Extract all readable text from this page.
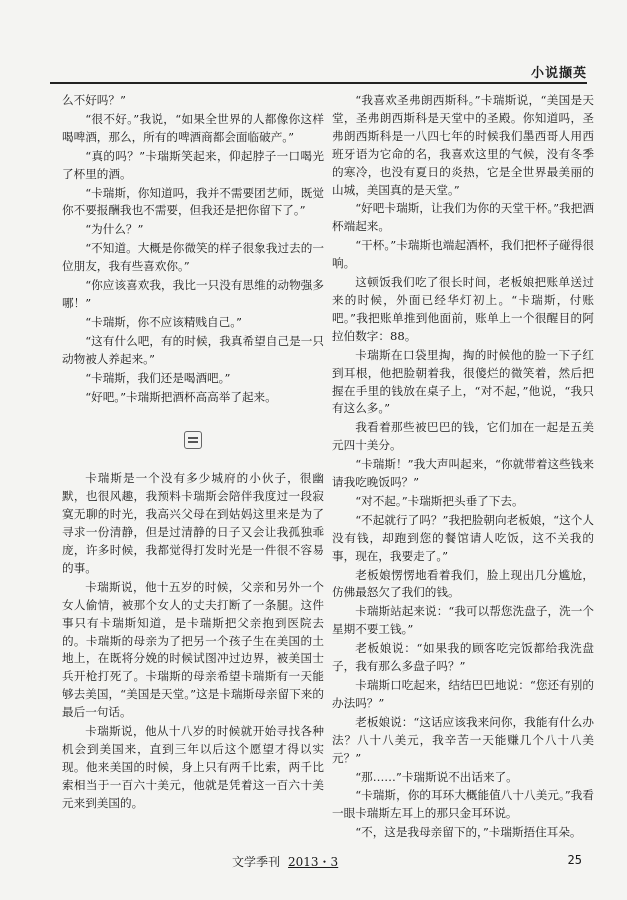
小说撷英

么不好吗？”

“很不好。”我说，“如果全世界的人都像你这样喝啤酒，那么，所有的啤酒商都会面临破产。”

“真的吗？”卡瑞斯笑起来，仰起脖子一口喝光了杯里的酒。

“卡瑞斯，你知道吗，我并不需要团艺师，既觉你不要报酬我也不需要，但我还是把你留下了。”

“为什么？”

“不知道。大概是你微笑的样子很象我过去的一位朋友，我有些喜欢你。”

“你应该喜欢我，我比一只没有思维的动物强多哪！”

“卡瑞斯，你不应该精贱自己。”

“这有什么吧，有的时候，我真希望自己是一只动物被人养起来。”

“卡瑞斯，我们还是喝酒吧。”

“好吧。”卡瑞斯把酒杯高高举了起来。

卡瑞斯是一个没有多少城府的小伙子，很幽默，也很风趣，我预料卡瑞斯会陪伴我度过一段寂寞无聊的时光，我高兴父母在到姑妈这里来是为了寻求一份清静，但是过清静的日子又会让我孤独乖庞，许多时候，我都觉得打发时光是一件很不容易的事。

卡瑞斯说，他十五岁的时候，父亲和另外一个女人偷情，被那个女人的丈夫打断了一条腿。这件事只有卡瑞斯知道，是卡瑞斯把父亲抱到医院去的。卡瑞斯的母亲为了把另一个孩子生在美国的土地上，在既将分娩的时候试图冲过边界，被美国士兵开枪打死了。卡瑞斯的母亲希望卡瑞斯有一天能够去美国，“美国是天堂。”这是卡瑞斯母亲留下来的最后一句话。

卡瑞斯说，他从十八岁的时候就开始寻找各种机会到美国来，直到三年以后这个愿望才得以实现。他来美国的时候，身上只有两千比索，两千比索相当于一百六十美元，他就是凭着这一百六十美元来到美国的。

“我喜欢圣弗朗西斯科。”卡瑞斯说，“美国是天堂，圣弗朗西斯科是天堂中的圣殿。你知道吗，圣弗朗西斯科是一八四七年的时候我们墨西哥人用西班牙语为它命的名，我喜欢这里的气候，没有冬季的寒冷，也没有夏日的炎热，它是全世界最美丽的山城，美国真的是天堂。”

“好吧卡瑞斯，让我们为你的天堂干杯。”我把酒杯端起来。

“干杯。”卡瑞斯也端起酒杯，我们把杯子碰得很响。

这顿饭我们吃了很长时间，老板娘把账单送过来的时候，外面已经华灯初上。“卡瑞斯，付账吧。”我把账单推到他面前，账单上一个很醒目的阿拉伯数字：88。

卡瑞斯在口袋里掏，掏的时候他的脸一下子红到耳根，他把脸朝着我，很傻烂的微笑着，然后把握在手里的钱放在桌子上，“对不起，”他说，“我只有这么多。”

我看着那些被巴巴的钱，它们加在一起是五美元四十美分。

“卡瑞斯！”我大声叫起来，“你就带着这些钱来请我吃晚饭吗？”

“对不起。”卡瑞斯把头垂了下去。

“不起就行了吗？”我把脸朝向老板娘，“这个人没有钱，却跑到您的餐馆请人吃饭，这不关我的事，现在，我要走了。”

老板娘愣愣地看着我们，脸上现出几分尴尬，仿佛最怒欠了我们的钱。

卡瑞斯站起来说：“我可以帮您洗盘子，洗一个星期不要工钱。”

老板娘说：“如果我的顾客吃完饭都给我洗盘子，我有那么多盘子吗？”

卡瑞斯口吃起来，结结巴巴地说：“您还有别的办法吗？”

老板娘说：“这话应该我来问你，我能有什么办法？八十八美元，我辛苦一天能赚几个八十八美元？”

“那……”卡瑞斯说不出话来了。

“卡瑞斯，你的耳环大概能值八十八美元。”我看一眼卡瑞斯左耳上的那只金耳环说。

“不，这是我母亲留下的，”卡瑞斯捂住耳朵。

文学季刊 2013・3	25
